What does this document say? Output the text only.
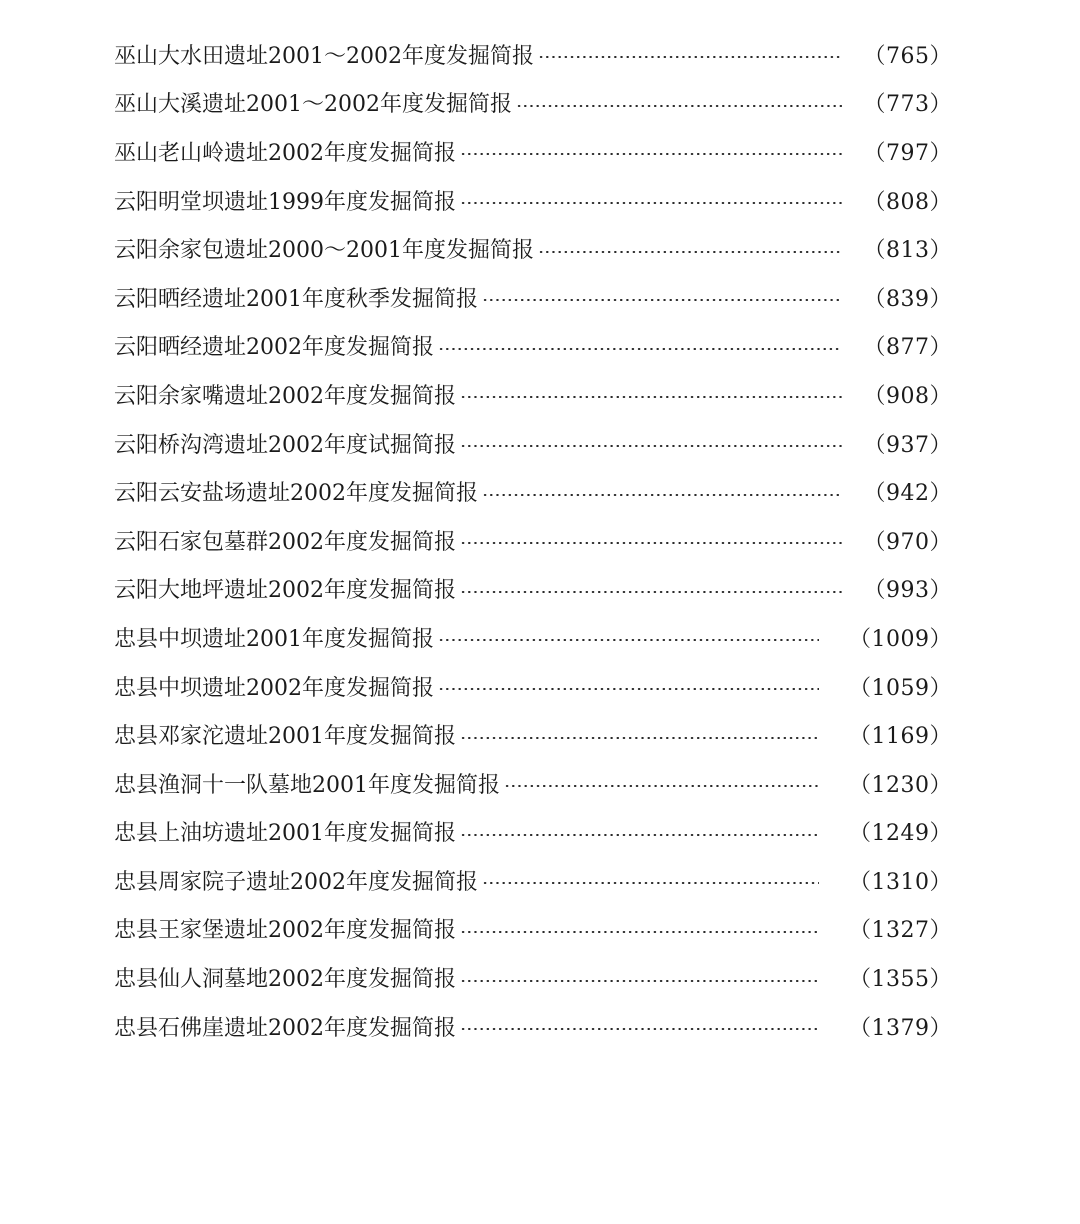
巫山大水田遗址2001～2002年度发掘简报	（765）
巫山大溪遗址2001～2002年度发掘简报	（773）
巫山老山岭遗址2002年度发掘简报	（797）
云阳明堂坝遗址1999年度发掘简报	（808）
云阳余家包遗址2000～2001年度发掘简报	（813）
云阳晒经遗址2001年度秋季发掘简报	（839）
云阳晒经遗址2002年度发掘简报	（877）
云阳余家嘴遗址2002年度发掘简报	（908）
云阳桥沟湾遗址2002年度试掘简报	（937）
云阳云安盐场遗址2002年度发掘简报	（942）
云阳石家包墓群2002年度发掘简报	（970）
云阳大地坪遗址2002年度发掘简报	（993）
忠县中坝遗址2001年度发掘简报	（1009）
忠县中坝遗址2002年度发掘简报	（1059）
忠县邓家沱遗址2001年度发掘简报	（1169）
忠县渔洞十一队墓地2001年度发掘简报	（1230）
忠县上油坊遗址2001年度发掘简报	（1249）
忠县周家院子遗址2002年度发掘简报	（1310）
忠县王家堡遗址2002年度发掘简报	（1327）
忠县仙人洞墓地2002年度发掘简报	（1355）
忠县石佛崖遗址2002年度发掘简报	（1379）
